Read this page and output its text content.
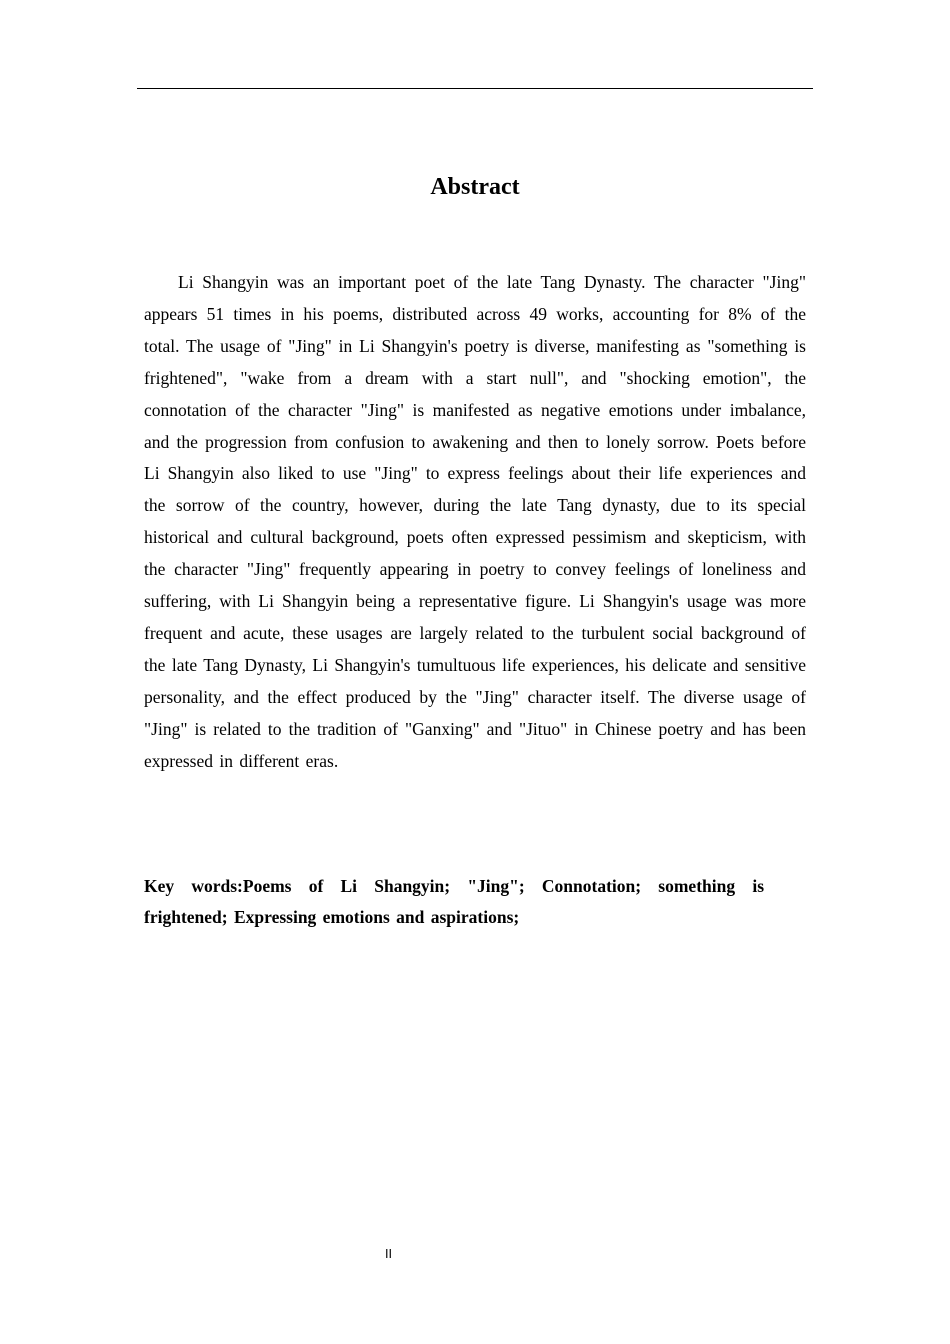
Abstract

Li Shangyin was an important poet of the late Tang Dynasty. The character "Jing" appears 51 times in his poems, distributed across 49 works, accounting for 8% of the total. The usage of "Jing" in Li Shangyin's poetry is diverse, manifesting as "something is frightened", "wake from a dream with a start null", and "shocking emotion", the connotation of the character "Jing" is manifested as negative emotions under imbalance, and the progression from confusion to awakening and then to lonely sorrow. Poets before Li Shangyin also liked to use "Jing" to express feelings about their life experiences and the sorrow of the country, however, during the late Tang dynasty, due to its special historical and cultural background, poets often expressed pessimism and skepticism, with the character "Jing" frequently appearing in poetry to convey feelings of loneliness and suffering, with Li Shangyin being a representative figure. Li Shangyin's usage was more frequent and acute, these usages are largely related to the turbulent social background of the late Tang Dynasty, Li Shangyin's tumultuous life experiences, his delicate and sensitive personality, and the effect produced by the "Jing" character itself. The diverse usage of "Jing" is related to the tradition of "Ganxing" and "Jituo" in Chinese poetry and has been expressed in different eras.

Key words:Poems of Li Shangyin; "Jing"; Connotation; something is frightened; Expressing emotions and aspirations;

II
